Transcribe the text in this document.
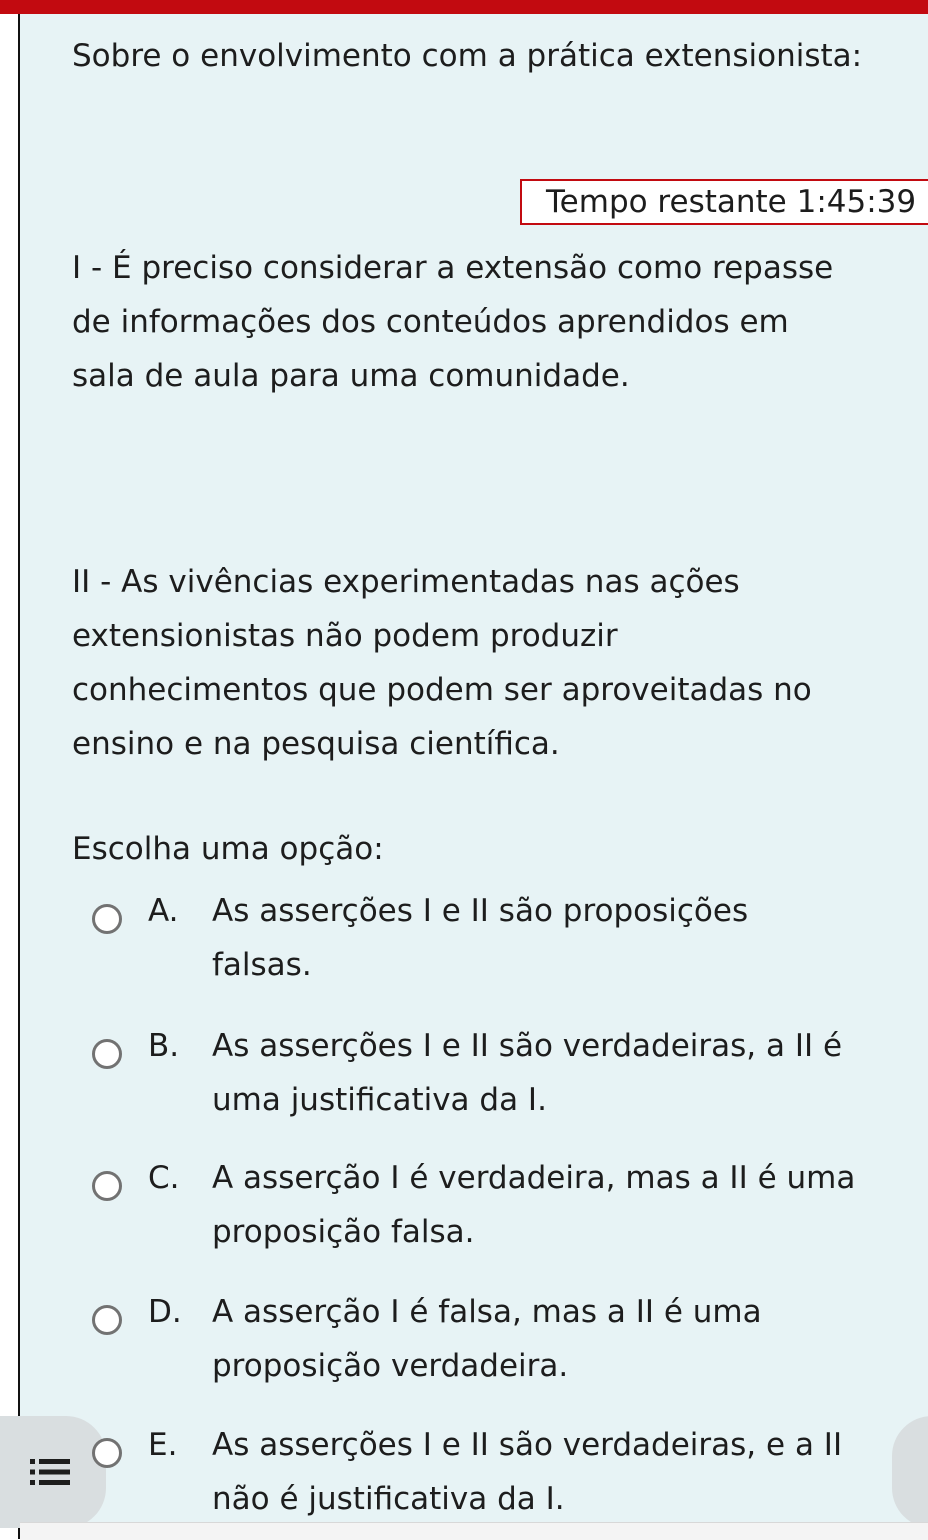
Sobre o envolvimento com a prática extensionista:

Tempo restante 1:45:39
I - É preciso considerar a extensão como repasse
de informações dos conteúdos aprendidos em
sala de aula para uma comunidade.
II - As vivências experimentadas nas ações
extensionistas não podem produzir
conhecimentos que podem ser aproveitadas no
ensino e na pesquisa científica.

Escolha uma opção:

A. As asserções I e II são proposições
falsas.
B. As asserções I e II são verdadeiras, a II é
uma justificativa da I.
C. A asserção I é verdadeira, mas a II é uma
proposição falsa.
D. A asserção I é falsa, mas a II é uma
proposição verdadeira.
E. As asserções I e II são verdadeiras, e a II
não é justificativa da I.
